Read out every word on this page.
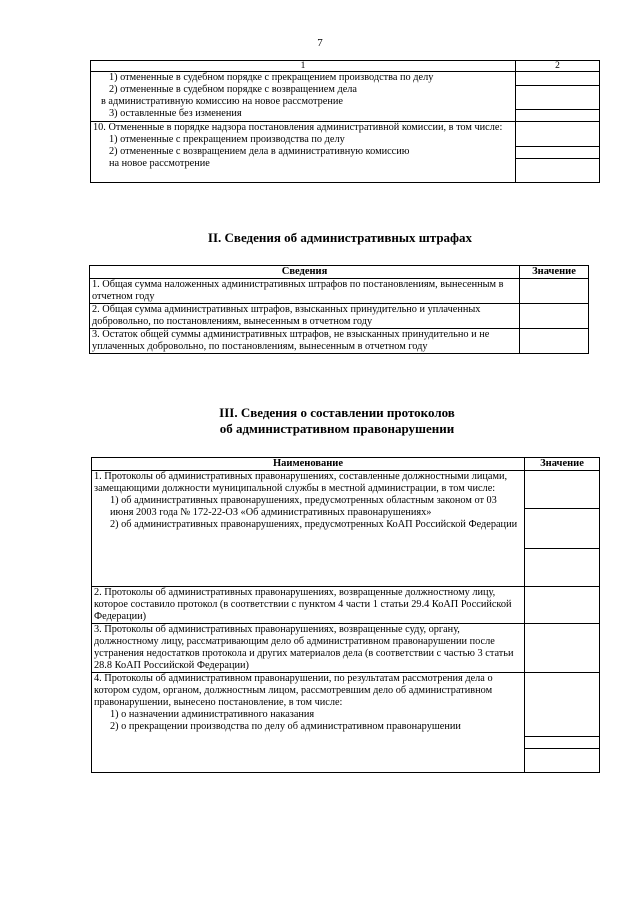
7
1	2

1) отмененные в судебном порядке с прекращением производства по делу
2) отмененные в судебном порядке с возвращением дела
в административную комиссию на новое рассмотрение
3) оставленные без изменения	

10. Отмененные в порядке надзора постановления административной комиссии, в том числе:
1) отмененные с прекращением производства по делу
2) отмененные с возвращением дела в административную комиссию
на новое рассмотрение	

II. Сведения об административных штрафах
Сведения	Значение
1. Общая сумма наложенных административных штрафов по постановлениям, вынесенным в отчетном году	
2. Общая сумма административных штрафов, взысканных принудительно и уплаченных добровольно, по постановлениям, вынесенным в отчетном году	
3. Остаток общей суммы административных штрафов, не взысканных принудительно и не уплаченных добровольно, по постановлениям, вынесенным в отчетном году	
III. Сведения о составлении протоколов
об административном правонарушении
Наименование	Значение

1. Протоколы об административных правонарушениях, составленные должностными лицами, замещающими должности муниципальной службы в местной администрации, в том числе:
1) об административных правонарушениях, предусмотренных областным законом от 03 июня 2003 года № 172-22-ОЗ «Об административных правонарушениях»
2) об административных правонарушениях, предусмотренных КоАП Российской Федерации	

2. Протоколы об административных правонарушениях, возвращенные должностному лицу, которое составило протокол (в соответствии с пунктом 4 части 1 статьи 29.4 КоАП Российской Федерации)	
3. Протоколы об административных правонарушениях, возвращенные суду, органу, должностному лицу, рассматривающим дело об административном правонарушении после устранения недостатков протокола и других материалов дела (в соответствии с частью 3 статьи 28.8 КоАП Российской Федерации)	

4. Протоколы об административном правонарушении, по результатам рассмотрения дела о котором судом, органом, должностным лицом, рассмотревшим дело об административном правонарушении, вынесено постановление, в том числе:
1) о назначении административного наказания
2) о прекращении производства по делу об административном правонарушении	
